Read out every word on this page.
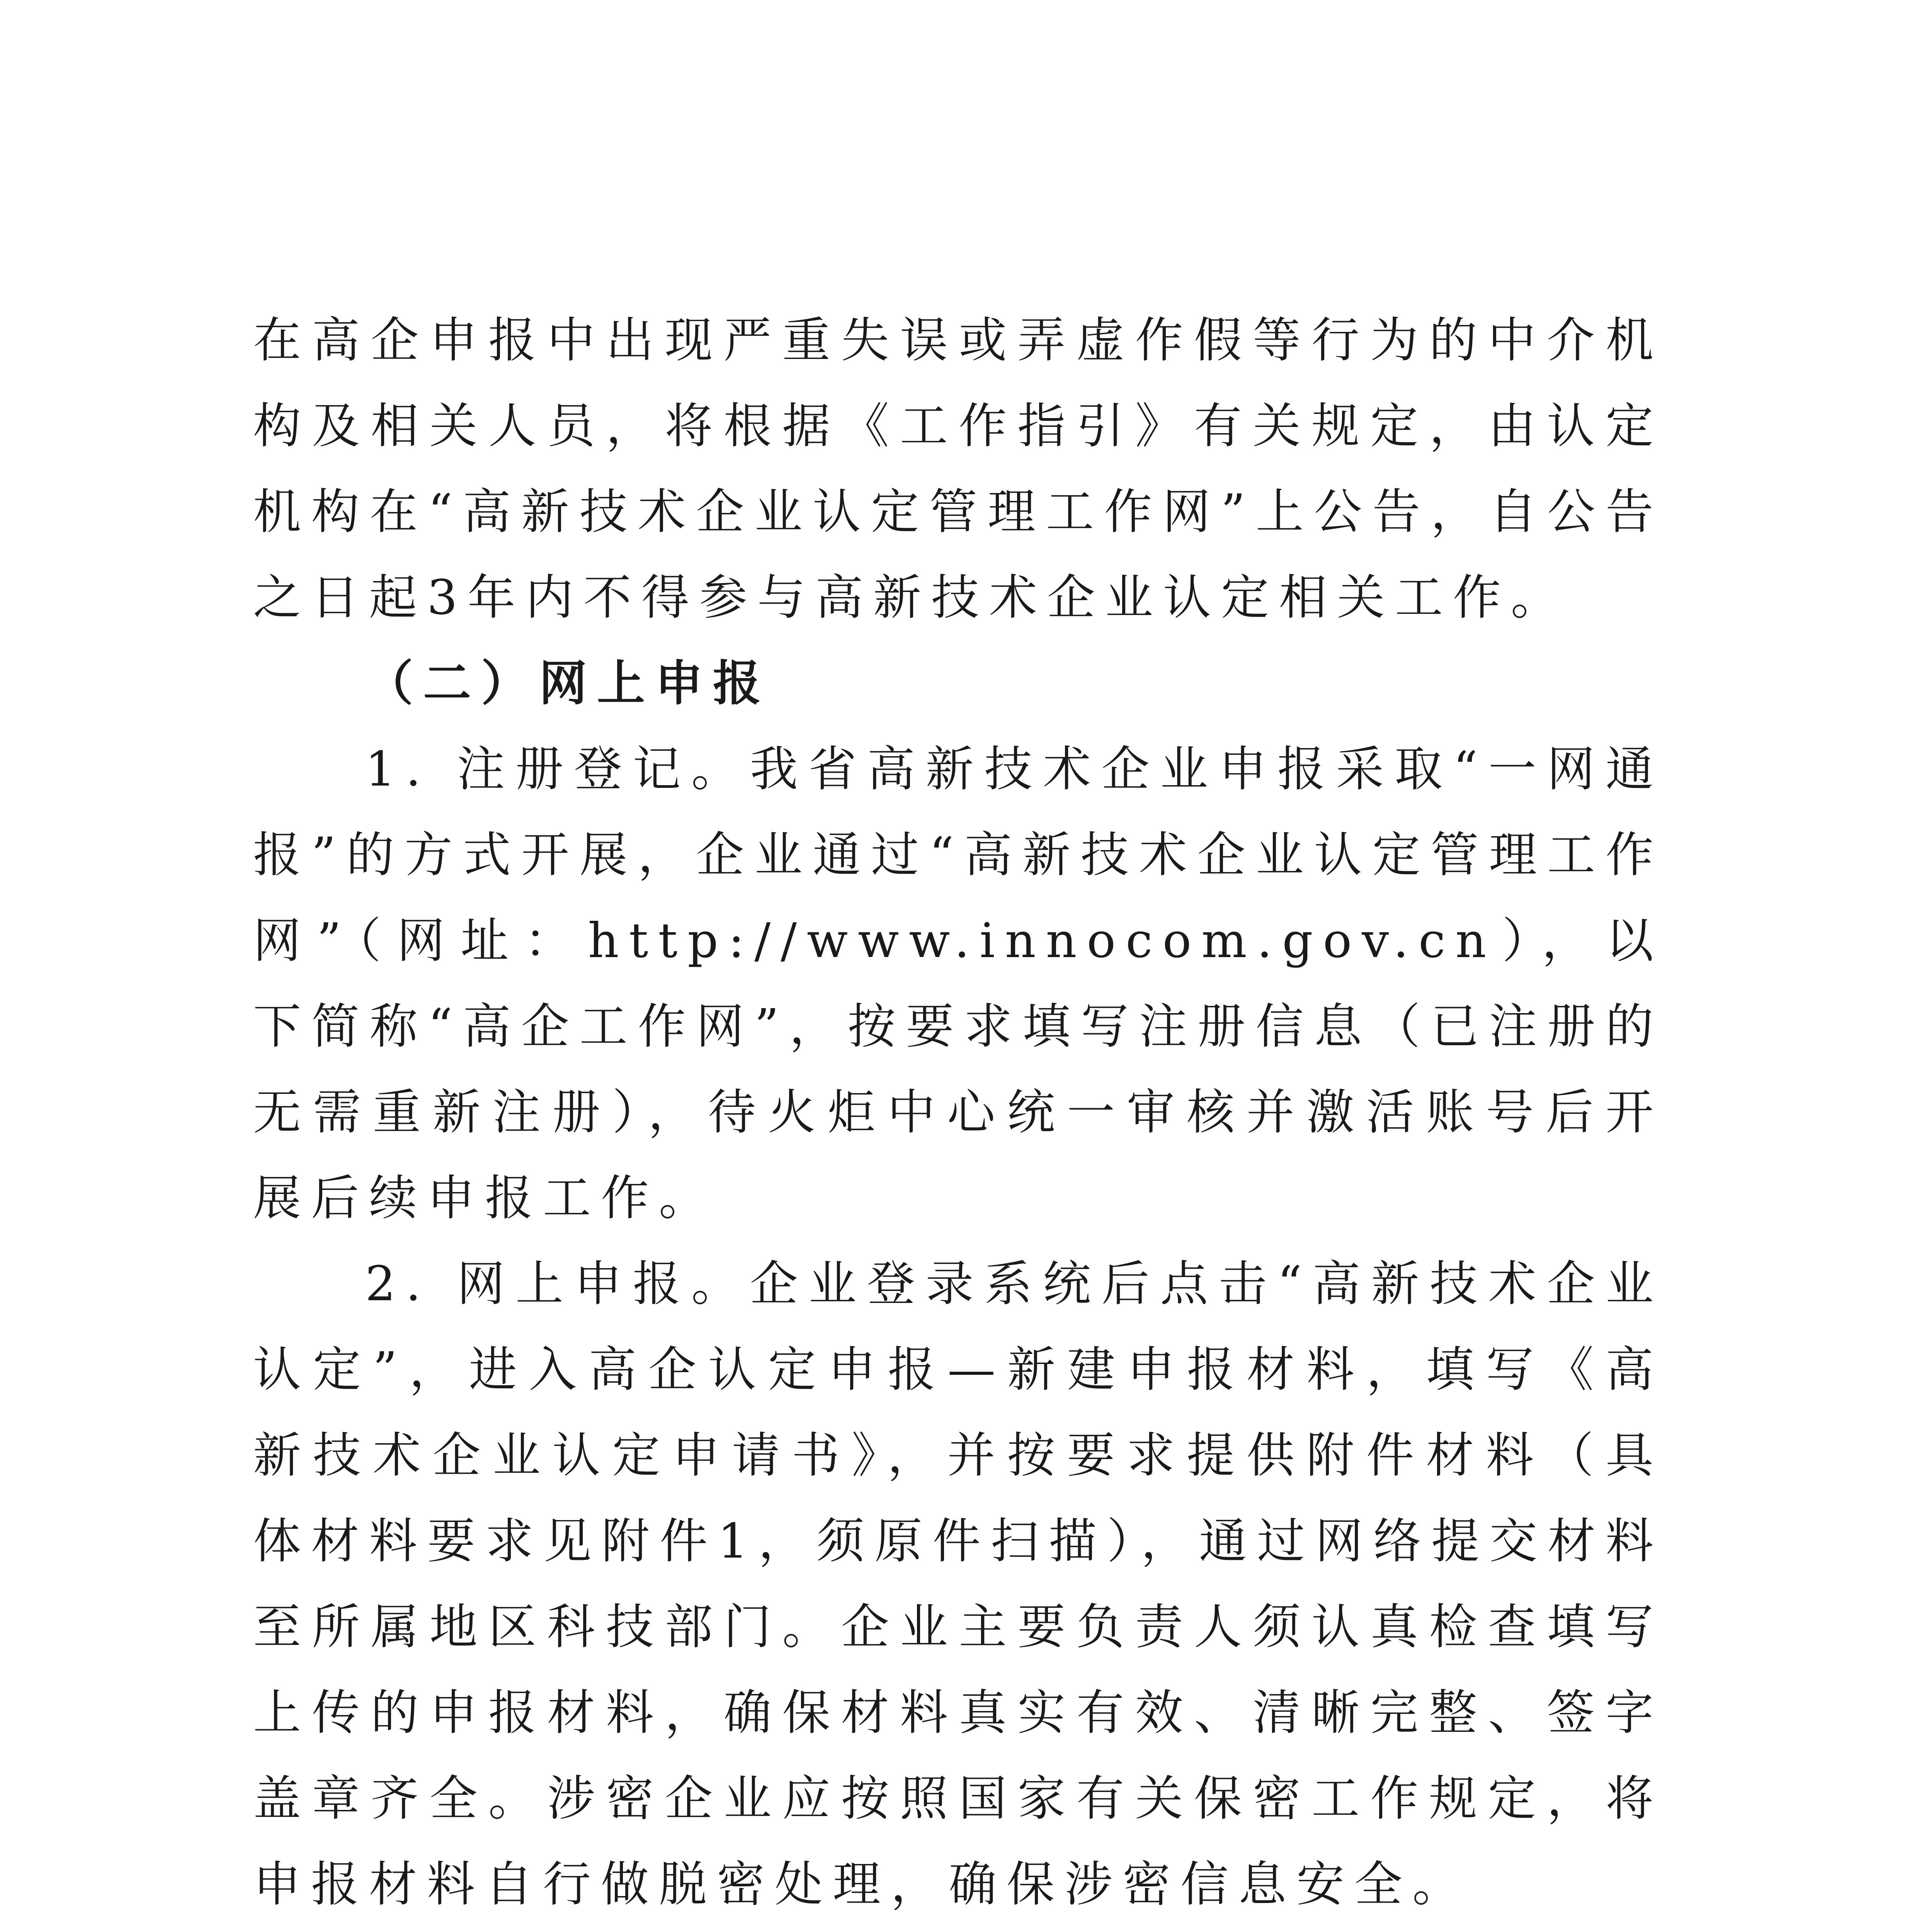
在高企申报中出现严重失误或弄虚作假等行为的中介机构及相关人员，将根据《工作指引》有关规定，由认定机构在“高新技术企业认定管理工作网”上公告，自公告之日起3年内不得参与高新技术企业认定相关工作。

（二）网上申报

1. 注册登记。我省高新技术企业申报采取“一网通报”的方式开展，企业通过“高新技术企业认定管理工作网”（网址：http://www.innocom.gov.cn），以下简称“高企工作网”，按要求填写注册信息（已注册的无需重新注册），待火炬中心统一审核并激活账号后开展后续申报工作。

2. 网上申报。企业登录系统后点击“高新技术企业认定”，进入高企认定申报—新建申报材料，填写《高新技术企业认定申请书》，并按要求提供附件材料（具体材料要求见附件1，须原件扫描），通过网络提交材料至所属地区科技部门。企业主要负责人须认真检查填写上传的申报材料，确保材料真实有效、清晰完整、签字盖章齐全。涉密企业应按照国家有关保密工作规定，将申报材料自行做脱密处理，确保涉密信息安全。
